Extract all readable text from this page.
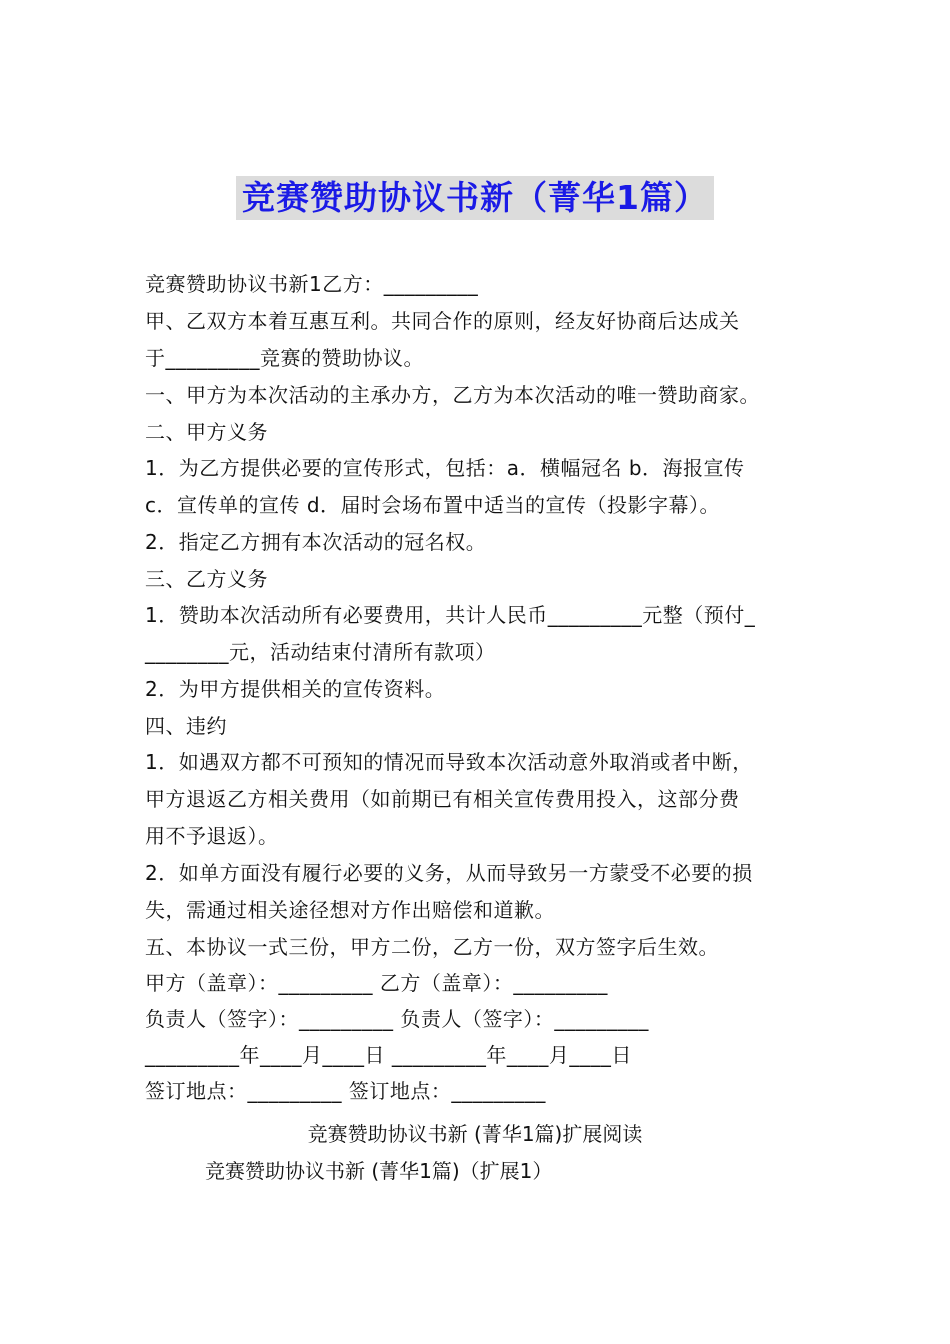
竞赛赞助协议书新（菁华1篇）
竞赛赞助协议书新1乙方：_________
甲、乙双方本着互惠互利。共同合作的原则，经友好协商后达成关
于_________竞赛的赞助协议。
一、甲方为本次活动的主承办方，乙方为本次活动的唯一赞助商家。
二、甲方义务
1．为乙方提供必要的宣传形式，包括：a．横幅冠名 b．海报宣传
c．宣传单的宣传 d．届时会场布置中适当的宣传（投影字幕）。
2．指定乙方拥有本次活动的冠名权。
三、乙方义务
1．赞助本次活动所有必要费用，共计人民币_________元整（预付_
________元，活动结束付清所有款项）
2．为甲方提供相关的宣传资料。
四、违约
1．如遇双方都不可预知的情况而导致本次活动意外取消或者中断，
甲方退返乙方相关费用（如前期已有相关宣传费用投入，这部分费
用不予退返）。
2．如单方面没有履行必要的义务，从而导致另一方蒙受不必要的损
失，需通过相关途径想对方作出赔偿和道歉。
五、本协议一式三份，甲方二份，乙方一份，双方签字后生效。
甲方（盖章）：_________ 乙方（盖章）：_________
负责人（签字）：_________ 负责人（签字）：_________
_________年____月____日 _________年____月____日
签订地点：_________ 签订地点：_________
竞赛赞助协议书新 (菁华1篇)扩展阅读
竞赛赞助协议书新 (菁华1篇)（扩展1）
